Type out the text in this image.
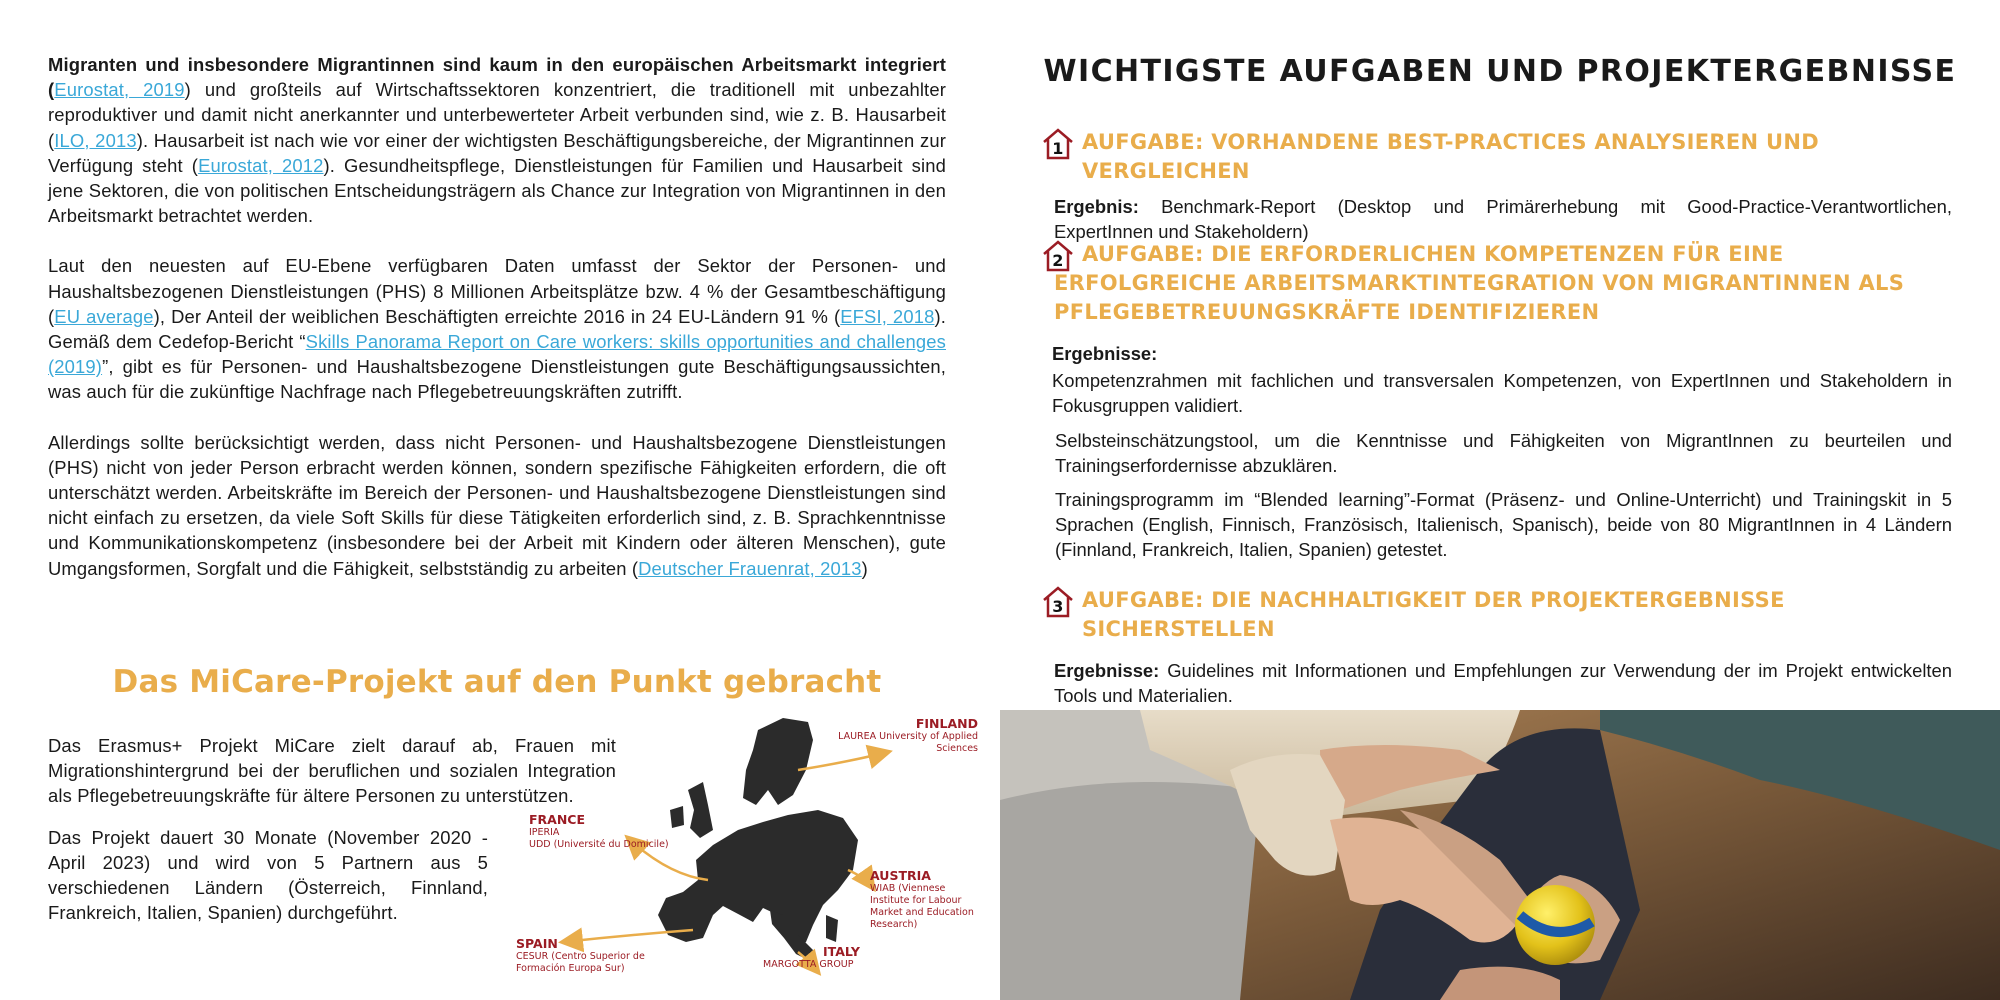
Migranten und insbesondere Migrantinnen sind kaum in den europäischen Arbeitsmarkt integriert (Eurostat, 2019) und großteils auf Wirtschaftssektoren konzentriert, die traditionell mit unbezahlter reproduktiver und damit nicht anerkannter und unterbewerteter Arbeit verbunden sind, wie z. B. Hausarbeit (ILO, 2013). Hausarbeit ist nach wie vor einer der wichtigsten Beschäftigungsbereiche, der Migrantinnen zur Verfügung steht (Eurostat, 2012). Gesundheitspflege, Dienstleistungen für Familien und Hausarbeit sind jene Sektoren, die von politischen Entscheidungsträgern als Chance zur Integration von Migrantinnen in den Arbeitsmarkt betrachtet werden.

Laut den neuesten auf EU-Ebene verfügbaren Daten umfasst der Sektor der Personen- und Haushaltsbezogenen Dienstleistungen (PHS) 8 Millionen Arbeitsplätze bzw. 4 % der Gesamtbeschäftigung (EU average), Der Anteil der weiblichen Beschäftigten erreichte 2016 in 24 EU-Ländern 91 % (EFSI, 2018). Gemäß dem Cedefop-Bericht “Skills Panorama Report on Care workers: skills opportunities and challenges (2019)”, gibt es für Personen- und Haushaltsbezogene Dienstleistungen gute Beschäftigungsaussichten, was auch für die zukünftige Nachfrage nach Pflegebetreuungskräften zutrifft.

Allerdings sollte berücksichtigt werden, dass nicht Personen- und Haushaltsbezogene Dienstleistungen (PHS) nicht von jeder Person erbracht werden können, sondern spezifische Fähigkeiten erfordern, die oft unterschätzt werden. Arbeitskräfte im Bereich der Personen- und Haushaltsbezogene Dienstleistungen sind nicht einfach zu ersetzen, da viele Soft Skills für diese Tätigkeiten erforderlich sind, z. B. Sprachkenntnisse und Kommunikationskompetenz (insbesondere bei der Arbeit mit Kindern oder älteren Menschen), gute Umgangsformen, Sorgfalt und die Fähigkeit, selbstständig zu arbeiten (Deutscher Frauenrat, 2013)

Das MiCare-Projekt auf den Punkt gebracht

Das Erasmus+ Projekt MiCare zielt darauf ab, Frauen mit Migrationshintergrund bei der beruflichen und sozialen Integration als Pflegebetreuungskräfte für ältere Personen zu unterstützen.

Das Projekt dauert 30 Monate (November 2020 - April 2023) und wird von 5 Partnern aus 5 verschiedenen Ländern (Österreich, Finnland, Frankreich, Italien, Spanien) durchgeführt.

FINLAND
LAUREA University of Applied Sciences
FRANCE
IPERIA
UDD (Université du Domicile)
AUSTRIA
WIAB (Viennese Institute for Labour Market and Education Research)
SPAIN
CESUR (Centro Superior de Formación Europa Sur)
ITALY
MARGOTTA GROUP
WICHTIGSTE AUFGABEN UND PROJEKTERGEBNISSE
1 AUFGABE: VORHANDENE BEST-PRACTICES ANALYSIEREN UND VERGLEICHEN

Ergebnis: Benchmark-Report (Desktop und Primärerhebung mit Good-Practice-Verantwortlichen, ExpertInnen und Stakeholdern)

2 AUFGABE: DIE ERFORDERLICHEN KOMPETENZEN FÜR EINE ERFOLGREICHE ARBEITSMARKTINTEGRATION VON MIGRANTINNEN ALS PFLEGEBETREUUNGSKRÄFTE IDENTIFIZIEREN

Ergebnisse:

Kompetenzrahmen mit fachlichen und transversalen Kompetenzen, von ExpertInnen und Stakeholdern in Fokusgruppen validiert.

Selbsteinschätzungstool, um die Kenntnisse und Fähigkeiten von MigrantInnen zu beurteilen und Trainingserfordernisse abzuklären.

Trainingsprogramm im “Blended learning”-Format (Präsenz- und Online-Unterricht) und Trainingskit in 5 Sprachen (English, Finnisch, Französisch, Italienisch, Spanisch), beide von 80 MigrantInnen in 4 Ländern (Finnland, Frankreich, Italien, Spanien) getestet.

3 AUFGABE: DIE NACHHALTIGKEIT DER PROJEKTERGEBNISSE SICHERSTELLEN

Ergebnisse: Guidelines mit Informationen und Empfehlungen zur Verwendung der im Projekt entwickelten Tools und Materialien.
